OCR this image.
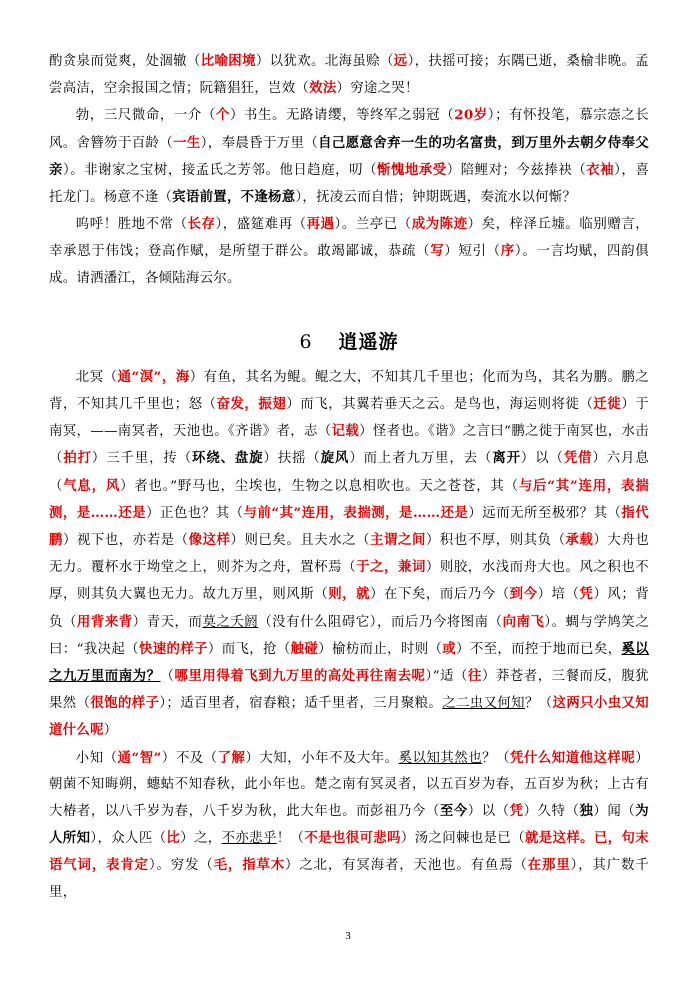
酌贪泉而觉爽，处涸辙（比喻困境）以犹欢。北海虽赊（远），扶摇可接；东隅已逝，桑榆非晚。孟尝高洁，空余报国之情；阮籍猖狂，岂效（效法）穷途之哭！

勃，三尺微命，一介（个）书生。无路请缨，等终军之弱冠（20岁）；有怀投笔，慕宗悫之长风。舍簪笏于百龄（一生），奉晨昏于万里（自己愿意舍弃一生的功名富贵，到万里外去朝夕侍奉父亲）。非谢家之宝树，接孟氏之芳邻。他日趋庭，叨（惭愧地承受）陪鲤对；今兹捧袂（衣袖），喜托龙门。杨意不逢（宾语前置，不逢杨意），抚凌云而自惜；钟期既遇，奏流水以何惭？

呜呼！胜地不常（长存），盛筵难再（再遇）。兰亭已（成为陈迹）矣，梓泽丘墟。临别赠言，幸承恩于伟饯；登高作赋，是所望于群公。敢竭鄙诚，恭疏（写）短引（序）。一言均赋，四韵俱成。请洒潘江，各倾陆海云尔。

6 逍遥游

北冥（通“溟”，海）有鱼，其名为鲲。鲲之大，不知其几千里也；化而为鸟，其名为鹏。鹏之背，不知其几千里也；怒（奋发，振翅）而飞，其翼若垂天之云。是鸟也，海运则将徙（迁徙）于南冥，——南冥者，天池也。《齐谐》者，志（记载）怪者也。《谐》之言曰“鹏之徙于南冥也，水击（拍打）三千里，抟（环绕、盘旋）扶摇（旋风）而上者九万里，去（离开）以（凭借）六月息（气息，风）者也。”野马也，尘埃也，生物之以息相吹也。天之苍苍，其（与后“其”连用，表揣测，是……还是）正色也？其（与前“其”连用，表揣测，是……还是）远而无所至极邪？其（指代鹏）视下也，亦若是（像这样）则已矣。且夫水之（主谓之间）积也不厚，则其负（承载）大舟也无力。覆杯水于坳堂之上，则芥为之舟，置杯焉（于之，兼词）则胶，水浅而舟大也。风之积也不厚，则其负大翼也无力。故九万里，则风斯（则，就）在下矣，而后乃今（到今）培（凭）风；背负（用背来背）青天，而莫之夭阏（没有什么阻碍它），而后乃今将图南（向南飞）。蜩与学鸠笑之曰：“我决起（快速的样子）而飞，抢（触碰）榆枋而止，时则（或）不至，而控于地而已矣，奚以之九万里而南为？（哪里用得着飞到九万里的高处再往南去呢）”适（往）莽苍者，三餐而反，腹犹果然（很饱的样子）；适百里者，宿舂粮；适千里者，三月聚粮。之二虫又何知？（这两只小虫又知道什么呢）

小知（通“智”）不及（了解）大知，小年不及大年。奚以知其然也？（凭什么知道他这样呢）朝菌不知晦朔，蟪蛄不知春秋，此小年也。楚之南有冥灵者，以五百岁为春，五百岁为秋；上古有大椿者，以八千岁为春，八千岁为秋，此大年也。而彭祖乃今（至今）以（凭）久特（独）闻（为人所知），众人匹（比）之，不亦悲乎！（不是也很可悲吗）汤之问棘也是已（就是这样。已，句末语气词，表肯定）。穷发（毛，指草木）之北，有冥海者，天池也。有鱼焉（在那里），其广数千里，

3
